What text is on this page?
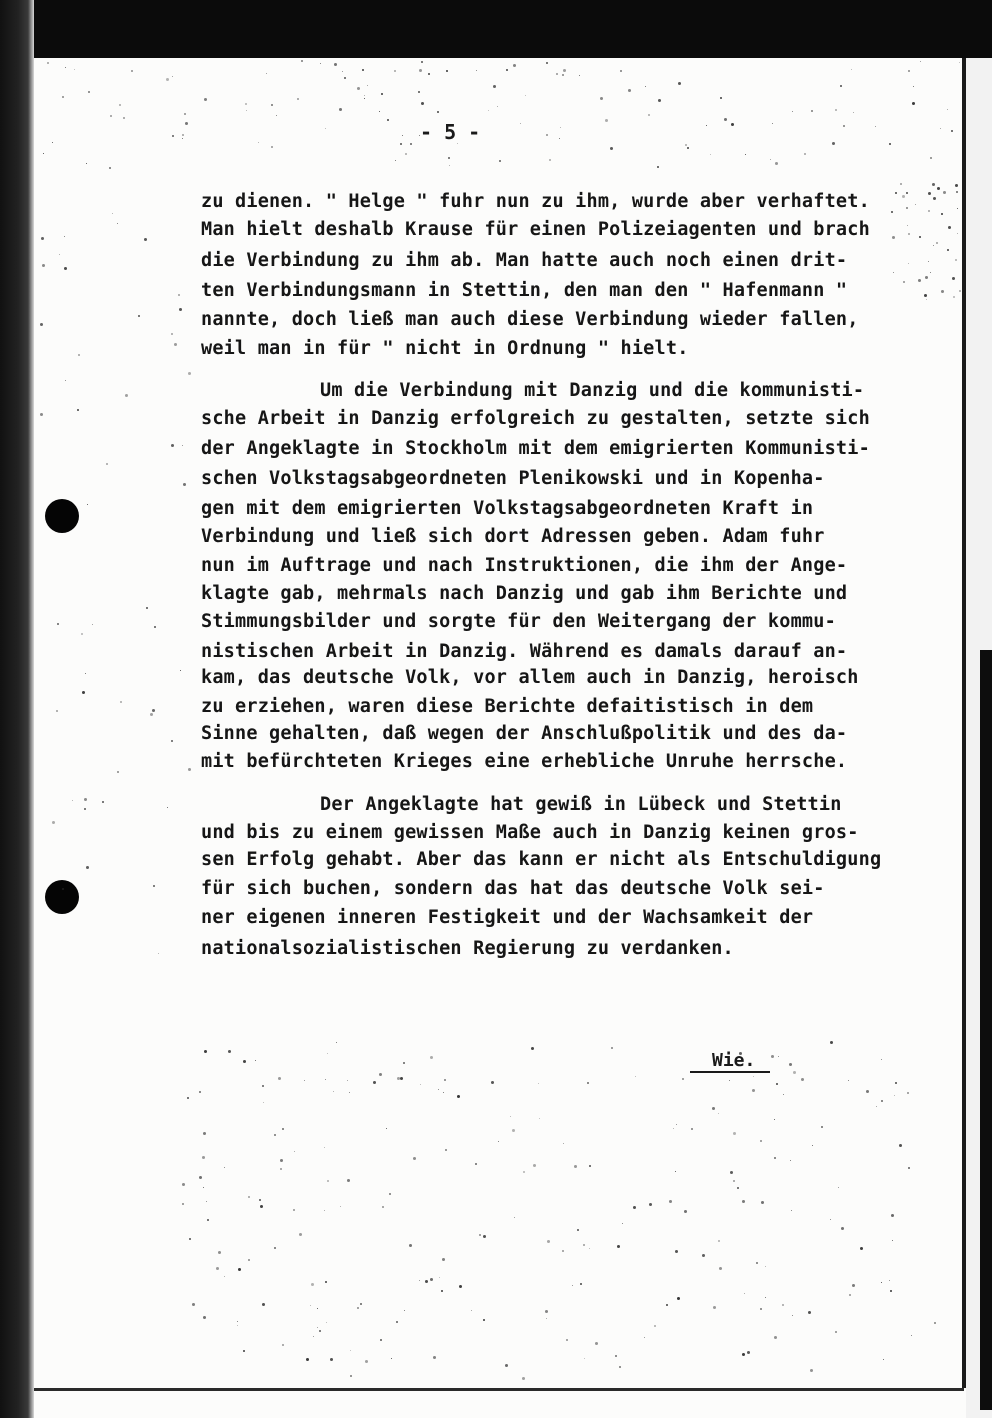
- 5 -
zu dienen. " Helge " fuhr nun zu ihm, wurde aber verhaftet.
Man hielt deshalb Krause für einen Polizeiagenten und brach
die Verbindung zu ihm ab. Man hatte auch noch einen drit-
ten Verbindungsmann in Stettin, den man den " Hafenmann "
nannte, doch ließ man auch diese Verbindung wieder fallen,
weil man in für " nicht in Ordnung " hielt.
Um die Verbindung mit Danzig und die kommunisti-
sche Arbeit in Danzig erfolgreich zu gestalten, setzte sich
der Angeklagte in Stockholm mit dem emigrierten Kommunisti-
schen Volkstagsabgeordneten Plenikowski und in Kopenha-
gen mit dem emigrierten Volkstagsabgeordneten Kraft in
Verbindung und ließ sich dort Adressen geben. Adam fuhr
nun im Auftrage und nach Instruktionen, die ihm der Ange-
klagte gab, mehrmals nach Danzig und gab ihm Berichte und
Stimmungsbilder und sorgte für den Weitergang der kommu-
nistischen Arbeit in Danzig. Während es damals darauf an-
kam, das deutsche Volk, vor allem auch in Danzig, heroisch
zu erziehen, waren diese Berichte defaitistisch in dem
Sinne gehalten, daß wegen der Anschlußpolitik und des da-
mit befürchteten Krieges eine erhebliche Unruhe herrsche.
Der Angeklagte hat gewiß in Lübeck und Stettin
und bis zu einem gewissen Maße auch in Danzig keinen gros-
sen Erfolg gehabt. Aber das kann er nicht als Entschuldigung
für sich buchen, sondern das hat das deutsche Volk sei-
ner eigenen inneren Festigkeit und der Wachsamkeit der
nationalsozialistischen Regierung zu verdanken.
Wie.
